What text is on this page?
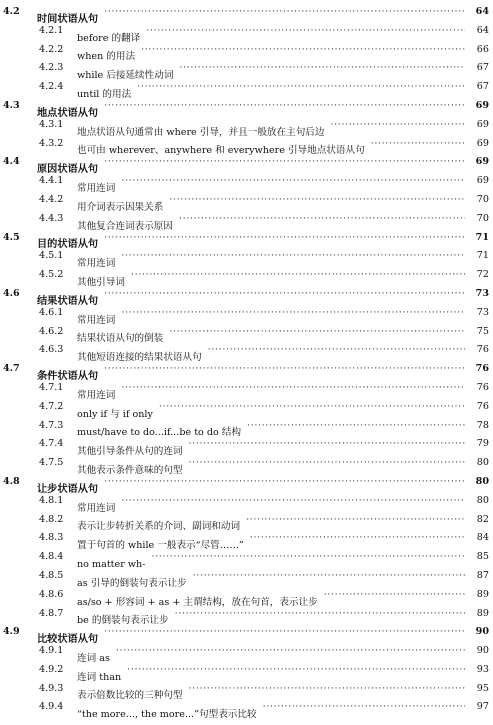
4.2
时间状语从句
·····
64
4.2.1
before 的翻译
·····
64
4.2.2
when 的用法
·····
66
4.2.3
while 后接延续性动词
·····
67
4.2.4
until 的用法
·····
67
4.3
地点状语从句
·····
69
4.3.1
地点状语从句通常由 where 引导，并且一般放在主句后边
·····
69
4.3.2
也可由 wherever、anywhere 和 everywhere 引导地点状语从句
·····
69
4.4
原因状语从句
·····
69
4.4.1
常用连词
·····
69
4.4.2
用介词表示因果关系
·····
70
4.4.3
其他复合连词表示原因
·····
70
4.5
目的状语从句
·····
71
4.5.1
常用连词
·····
71
4.5.2
其他引导词
·····
72
4.6
结果状语从句
·····
73
4.6.1
常用连词
·····
73
4.6.2
结果状语从句的倒装
·····
75
4.6.3
其他短语连接的结果状语从句
·····
76
4.7
条件状语从句
·····
76
4.7.1
常用连词
·····
76
4.7.2
only if 与 if only
·····
76
4.7.3
must/have to do...if...be to do 结构
·····
78
4.7.4
其他引导条件从句的连词
·····
79
4.7.5
其他表示条件意味的句型
·····
80
4.8
让步状语从句
·····
80
4.8.1
常用连词
·····
80
4.8.2
表示让步转折关系的介词、副词和动词
·····
82
4.8.3
置于句首的 while 一般表示“尽管……”
·····
84
4.8.4
no matter wh-
·····
85
4.8.5
as 引导的倒装句表示让步
·····
87
4.8.6
as/so + 形容词 + as + 主谓结构，放在句首，表示让步
·····
89
4.8.7
be 的倒装句表示让步
·····
89
4.9
比较状语从句
·····
90
4.9.1
连词 as
·····
90
4.9.2
连词 than
·····
93
4.9.3
表示倍数比较的三种句型
·····
95
4.9.4
“the more..., the more...”句型表示比较
·····
97
